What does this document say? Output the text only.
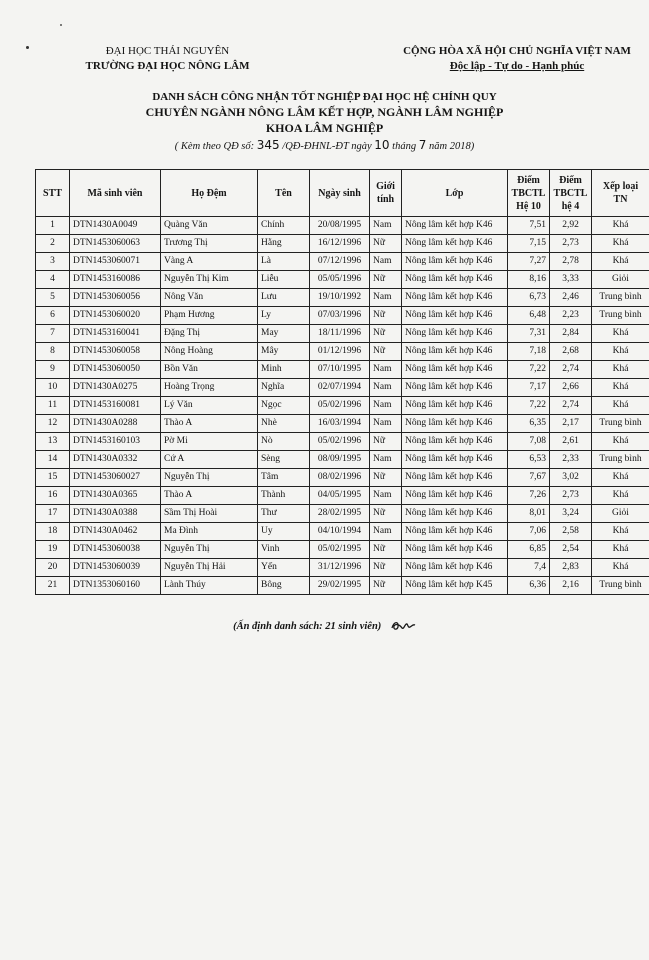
ĐẠI HỌC THÁI NGUYÊN
TRƯỜNG ĐẠI HỌC NÔNG LÂM
CỘNG HÒA XÃ HỘI CHỦ NGHĨA VIỆT NAM
Độc lập - Tự do - Hạnh phúc
DANH SÁCH CÔNG NHẬN TỐT NGHIỆP ĐẠI HỌC HỆ CHÍNH QUY
CHUYÊN NGÀNH NÔNG LÂM KẾT HỢP, NGÀNH LÂM NGHIỆP
KHOA LÂM NGHIỆP
( Kèm theo QĐ số: 345 /QĐ-ĐHNL-ĐT ngày 10 tháng 7 năm 2018)
STT	Mã sinh viên	Họ Đệm	Tên	Ngày sinh	Giới tính	Lớp	Điểm TBCTL Hệ 10	Điểm TBCTL hệ 4	Xếp loại TN
1	DTN1430A0049	Quàng Văn	Chính	20/08/1995	Nam	Nông lâm kết hợp K46	7,51	2,92	Khá
2	DTN1453060063	Trương Thị	Hằng	16/12/1996	Nữ	Nông lâm kết hợp K46	7,15	2,73	Khá
3	DTN1453060071	Vàng A	Là	07/12/1996	Nam	Nông lâm kết hợp K46	7,27	2,78	Khá
4	DTN1453160086	Nguyễn Thị Kim	Liễu	05/05/1996	Nữ	Nông lâm kết hợp K46	8,16	3,33	Giỏi
5	DTN1453060056	Nông Văn	Lưu	19/10/1992	Nam	Nông lâm kết hợp K46	6,73	2,46	Trung bình
6	DTN1453060020	Phạm Hương	Ly	07/03/1996	Nữ	Nông lâm kết hợp K46	6,48	2,23	Trung bình
7	DTN1453160041	Đặng Thị	May	18/11/1996	Nữ	Nông lâm kết hợp K46	7,31	2,84	Khá
8	DTN1453060058	Nông Hoàng	Mây	01/12/1996	Nữ	Nông lâm kết hợp K46	7,18	2,68	Khá
9	DTN1453060050	Bồn Văn	Minh	07/10/1995	Nam	Nông lâm kết hợp K46	7,22	2,74	Khá
10	DTN1430A0275	Hoàng Trọng	Nghĩa	02/07/1994	Nam	Nông lâm kết hợp K46	7,17	2,66	Khá
11	DTN1453160081	Lý Văn	Ngọc	05/02/1996	Nam	Nông lâm kết hợp K46	7,22	2,74	Khá
12	DTN1430A0288	Thào A	Nhè	16/03/1994	Nam	Nông lâm kết hợp K46	6,35	2,17	Trung bình
13	DTN1453160103	Pờ Mi	Nò	05/02/1996	Nữ	Nông lâm kết hợp K46	7,08	2,61	Khá
14	DTN1430A0332	Cứ A	Sèng	08/09/1995	Nam	Nông lâm kết hợp K46	6,53	2,33	Trung bình
15	DTN1453060027	Nguyễn Thị	Tâm	08/02/1996	Nữ	Nông lâm kết hợp K46	7,67	3,02	Khá
16	DTN1430A0365	Thào A	Thành	04/05/1995	Nam	Nông lâm kết hợp K46	7,26	2,73	Khá
17	DTN1430A0388	Sầm Thị Hoài	Thư	28/02/1995	Nữ	Nông lâm kết hợp K46	8,01	3,24	Giỏi
18	DTN1430A0462	Ma Đình	Uy	04/10/1994	Nam	Nông lâm kết hợp K46	7,06	2,58	Khá
19	DTN1453060038	Nguyễn Thị	Vinh	05/02/1995	Nữ	Nông lâm kết hợp K46	6,85	2,54	Khá
20	DTN1453060039	Nguyễn Thị Hải	Yến	31/12/1996	Nữ	Nông lâm kết hợp K46	7,4	2,83	Khá
21	DTN1353060160	Lành Thúy	Bông	29/02/1995	Nữ	Nông lâm kết hợp K45	6,36	2,16	Trung bình
(Ấn định danh sách: 21 sinh viên)
